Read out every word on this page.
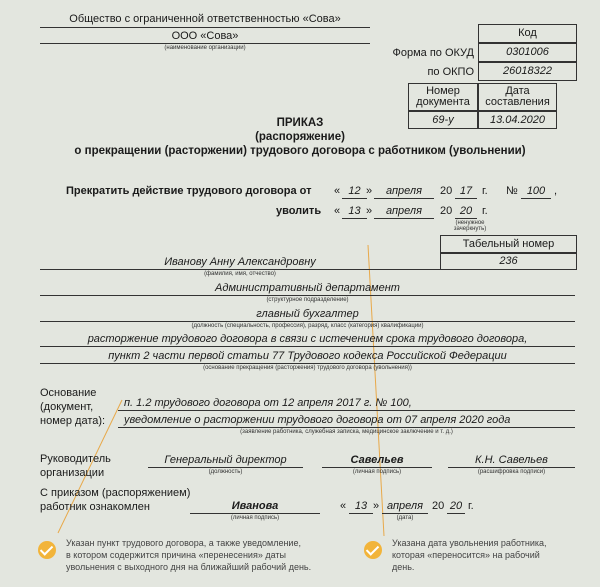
Общество с ограниченной ответственностью «Сова»
ООО «Сова»
(наименование организации)
Код
Форма по ОКУД	0301006
по ОКПО	26018322
Номер документа
Дата составления
69-у	13.04.2020
ПРИКАЗ
(распоряжение)
о прекращении (расторжении) трудового договора с работником (увольнении)
Прекратить действие трудового договора от « 12 »	апреля	20 17 г. № 100 ,
уволить « 13 »	апреля	20 20 г.
(ненужное зачеркнуть)
Табельный номер
236
Иванову Анну Александровну
(фамилия, имя, отчество)
Административный департамент
(структурное подразделение)
главный бухгалтер
(должность (специальность, профессия), разряд, класс (категория) квалификации)
расторжение трудового договора в связи с истечением срока трудового договора,
пункт 2 части первой статьи 77 Трудового кодекса Российской Федерации
(основание прекращения (расторжения) трудового договора (увольнения))
Основание
(документ,
номер дата):
п. 1.2 трудового договора от 12 апреля 2017 г. № 100,
уведомление о расторжении трудового договора от 07 апреля 2020 года
(заявление работника, служебная записка, медицинское заключение и т. д.)
Руководитель
организации
Генеральный директор
(должность)
Савельев
(личная подпись)
К.Н. Савельев
(расшифровка подписи)
С приказом (распоряжением)
работник ознакомлен	Иванова
(личная подпись)
« 13 » апреля
(дата)
20 20 г.
Указан пункт трудового договора, а также уведомление,
в котором содержится причина «перенесения» даты
увольнения с выходного дня на ближайший рабочий день.
Указана дата увольнения работника,
которая «переносится» на рабочий
день.
